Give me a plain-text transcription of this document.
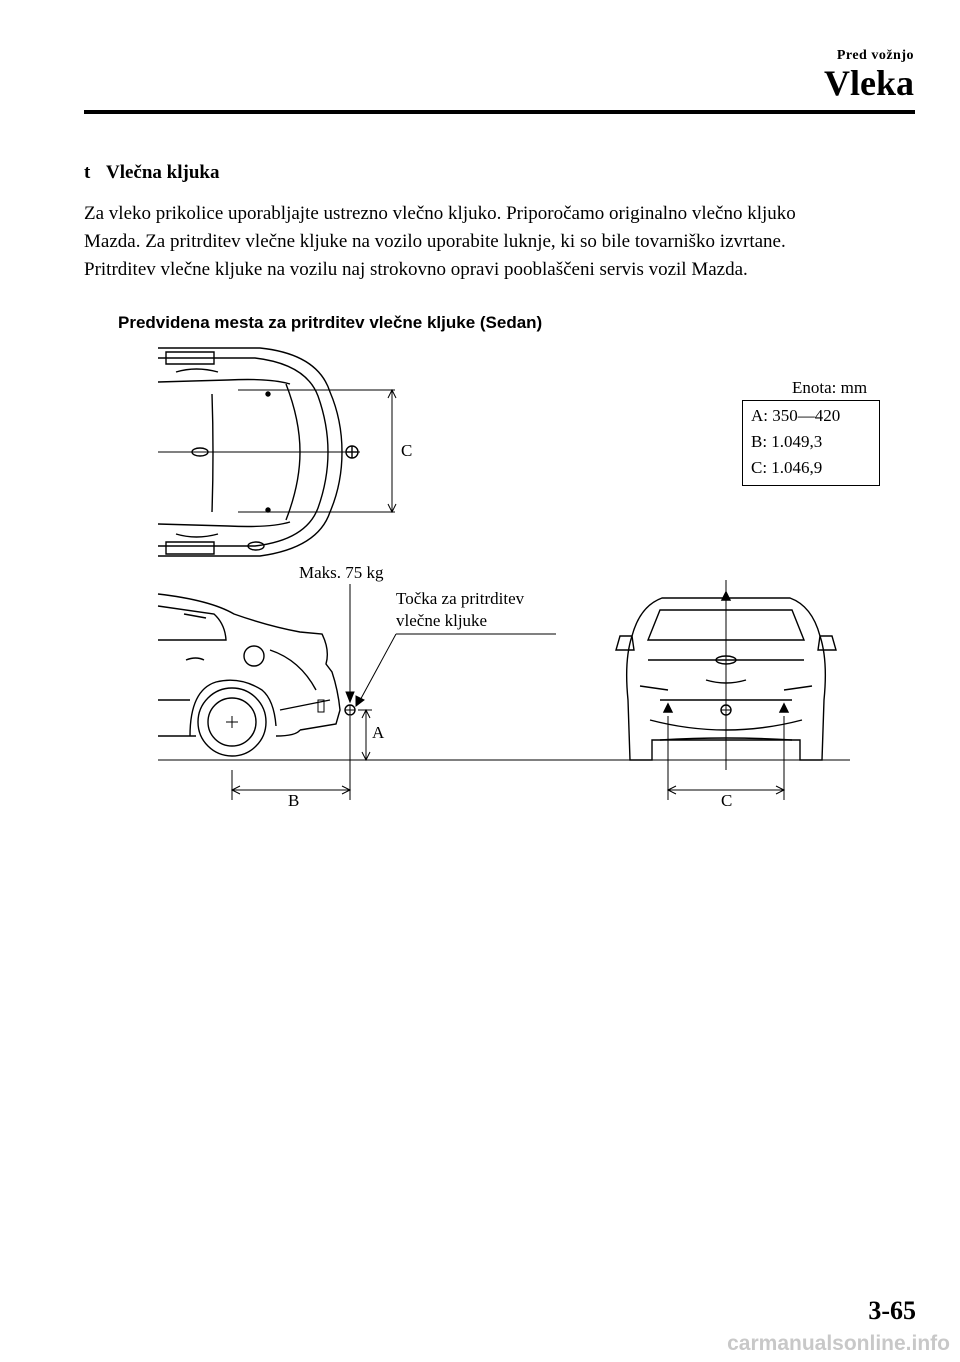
Pred vožnjo
Vleka
t Vlečna kljuka

Za vleko prikolice uporabljajte ustrezno vlečno kljuko. Priporočamo originalno vlečno kljuko

Mazda. Za pritrditev vlečne kljuke na vozilo uporabite luknje, ki so bile tovarniško izvrtane.

Pritrditev vlečne kljuke na vozilu naj strokovno opravi pooblaščeni servis vozil Mazda.

Predvidena mesta za pritrditev vlečne kljuke (Sedan)
Enota: mm
A: 350—420
B: 1.049,3
C: 1.046,9
C
Maks. 75 kg
Točka za pritrditev
vlečne kljuke
A
B	C
3-65
carmanualsonline.info
